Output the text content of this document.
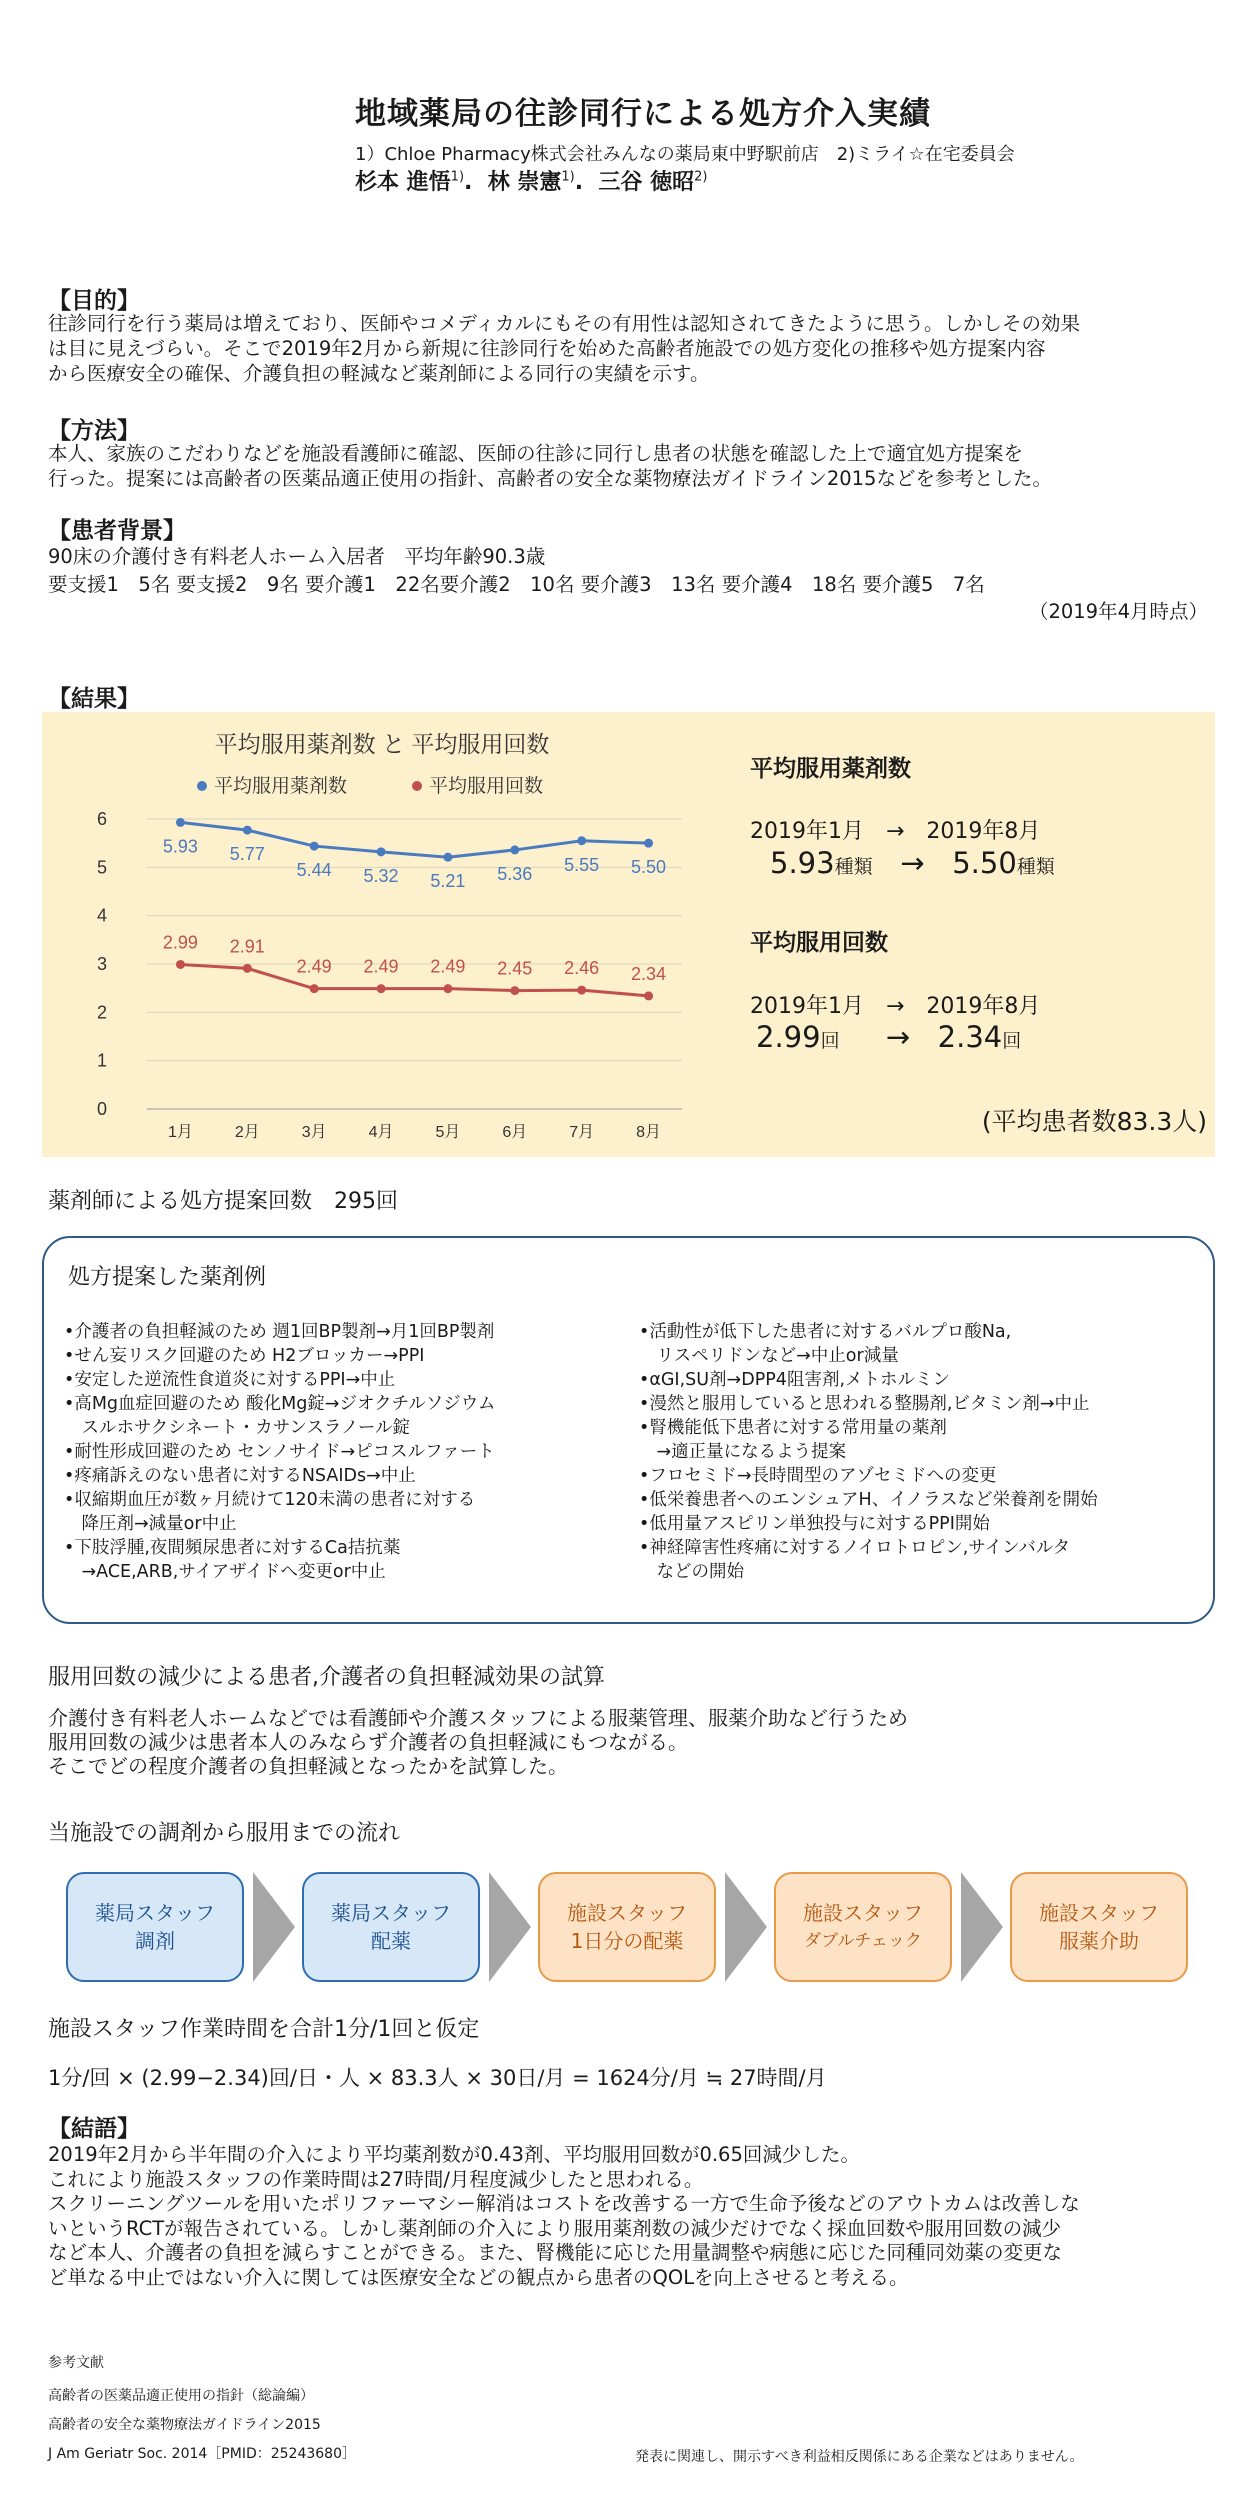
地域薬局の往診同行による処方介入実績
1）Chloe Pharmacy株式会社みんなの薬局東中野駅前店　2)ミライ☆在宅委員会
杉本 進悟$^{1)}$.  林 崇憲$^{1)}$.  三谷 徳昭$^{2)}$
【目的】
往診同行を行う薬局は増えており、医師やコメディカルにもその有用性は認知されてきたように思う。しかしその効果
は目に見えづらい。そこで2019年2月から新規に往診同行を始めた高齢者施設での処方変化の推移や処方提案内容
から医療安全の確保、介護負担の軽減など薬剤師による同行の実績を示す。
【方法】
本人、家族のこだわりなどを施設看護師に確認、医師の往診に同行し患者の状態を確認した上で適宜処方提案を
行った。提案には高齢者の医薬品適正使用の指針、高齢者の安全な薬物療法ガイドライン2015などを参考とした。
【患者背景】
90床の介護付き有料老人ホーム入居者　平均年齢90.3歳
要支援1　5名 要支援2　9名 要介護1　22名要介護2　10名 要介護3　13名 要介護4　18名 要介護5　7名
（2019年4月時点）
【結果】
平均服用薬剤数 と 平均服用回数
平均服用薬剤数	平均服用回数
0
1
2
3
4
5
6
1月	2月	3月	4月	5月	6月	7月	8月
5.93 5.77
5.44 5.32 5.21 5.36 5.55 5.50
2.99 2.91
2.49 2.49 2.49 2.45 2.46 2.34
平均服用薬剤数
2019年1月　→　2019年8月
5.93種類 → 5.50種類
平均服用回数
2019年1月　→　2019年8月
2.99回 → 2.34回
(平均患者数83.3人)
薬剤師による処方提案回数　295回
処方提案した薬剤例
•介護者の負担軽減のため 週1回BP製剤→月1回BP製剤
•せん妄リスク回避のため H2ブロッカー→PPI
•安定した逆流性食道炎に対するPPI→中止
•高Mg血症回避のため 酸化Mg錠→ジオクチルソジウム
　スルホサクシネート・カサンスラノール錠
•耐性形成回避のため センノサイド→ピコスルファート
•疼痛訴えのない患者に対するNSAIDs→中止
•収縮期血圧が数ヶ月続けて120未満の患者に対する
　降圧剤→減量or中止
•下肢浮腫,夜間頻尿患者に対するCa拮抗薬
　→ACE,ARB,サイアザイドへ変更or中止
•活動性が低下した患者に対するバルプロ酸Na,
　リスペリドンなど→中止or減量
•αGI,SU剤→DPP4阻害剤,メトホルミン
•漫然と服用していると思われる整腸剤,ビタミン剤→中止
•腎機能低下患者に対する常用量の薬剤
　→適正量になるよう提案
•フロセミド→長時間型のアゾセミドへの変更
•低栄養患者へのエンシュアH、イノラスなど栄養剤を開始
•低用量アスピリン単独投与に対するPPI開始
•神経障害性疼痛に対するノイロトロピン,サインバルタ
　などの開始
服用回数の減少による患者,介護者の負担軽減効果の試算
介護付き有料老人ホームなどでは看護師や介護スタッフによる服薬管理、服薬介助など行うため
服用回数の減少は患者本人のみならず介護者の負担軽減にもつながる。
そこでどの程度介護者の負担軽減となったかを試算した。
当施設での調剤から服用までの流れ
薬局スタッフ
調剤
薬局スタッフ
配薬
施設スタッフ
1日分の配薬
施設スタッフ
ダブルチェック
施設スタッフ
服薬介助
施設スタッフ作業時間を合計1分/1回と仮定
1分/回 × (2.99−2.34)回/日・人 × 83.3人 × 30日/月 = 1624分/月 ≒ 27時間/月
【結語】
2019年2月から半年間の介入により平均薬剤数が0.43剤、平均服用回数が0.65回減少した。
これにより施設スタッフの作業時間は27時間/月程度減少したと思われる。
スクリーニングツールを用いたポリファーマシー解消はコストを改善する一方で生命予後などのアウトカムは改善しな
いというRCTが報告されている。しかし薬剤師の介入により服用薬剤数の減少だけでなく採血回数や服用回数の減少
など本人、介護者の負担を減らすことができる。また、腎機能に応じた用量調整や病態に応じた同種同効薬の変更な
ど単なる中止ではない介入に関しては医療安全などの観点から患者のQOLを向上させると考える。
参考文献
高齢者の医薬品適正使用の指針（総論編）
高齢者の安全な薬物療法ガイドライン2015
J Am Geriatr Soc. 2014［PMID：25243680］	発表に関連し、開示すべき利益相反関係にある企業などはありません。
